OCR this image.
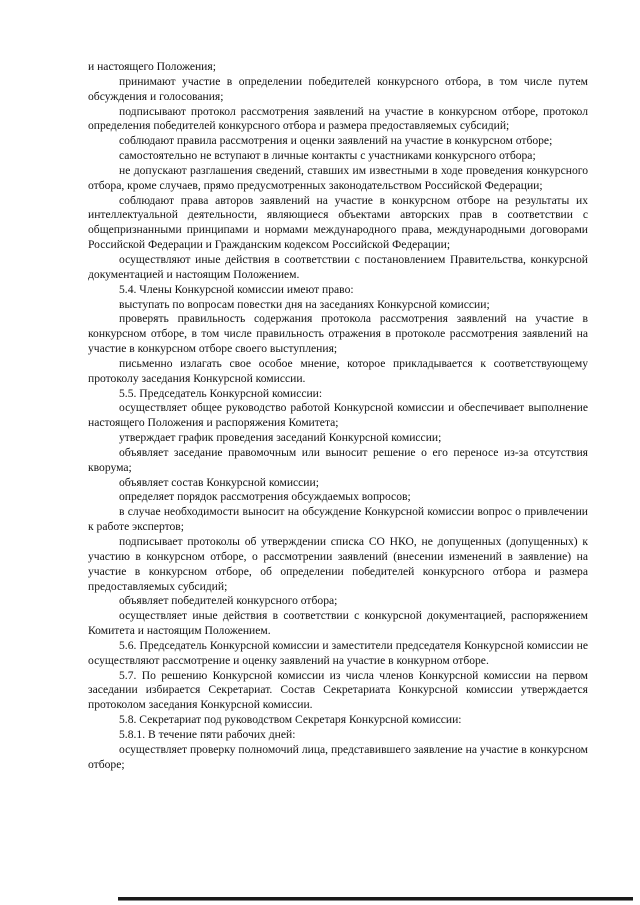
и настоящего Положения;

принимают участие в определении победителей конкурсного отбора, в том числе путем обсуждения и голосования;

подписывают протокол рассмотрения заявлений на участие в конкурсном отборе, протокол определения победителей конкурсного отбора и размера предоставляемых субсидий;

соблюдают правила рассмотрения и оценки заявлений на участие в конкурсном отборе;

самостоятельно не вступают в личные контакты с участниками конкурсного отбора;

не допускают разглашения сведений, ставших им известными в ходе проведения конкурсного отбора, кроме случаев, прямо предусмотренных законодательством Российской Федерации;

соблюдают права авторов заявлений на участие в конкурсном отборе на результаты их интеллектуальной деятельности, являющиеся объектами авторских прав в соответствии с общепризнанными принципами и нормами международного права, международными договорами Российской Федерации и Гражданским кодексом Российской Федерации;

осуществляют иные действия в соответствии с постановлением Правительства, конкурсной документацией и настоящим Положением.

5.4. Члены Конкурсной комиссии имеют право:

выступать по вопросам повестки дня на заседаниях Конкурсной комиссии;

проверять правильность содержания протокола рассмотрения заявлений на участие в конкурсном отборе, в том числе правильность отражения в протоколе рассмотрения заявлений на участие в конкурсном отборе своего выступления;

письменно излагать свое особое мнение, которое прикладывается к соответствующему протоколу заседания Конкурсной комиссии.

5.5. Председатель Конкурсной комиссии:

осуществляет общее руководство работой Конкурсной комиссии и обеспечивает выполнение настоящего Положения и распоряжения Комитета;

утверждает график проведения заседаний Конкурсной комиссии;

объявляет заседание правомочным или выносит решение о его переносе из-за отсутствия кворума;

объявляет состав Конкурсной комиссии;

определяет порядок рассмотрения обсуждаемых вопросов;

в случае необходимости выносит на обсуждение Конкурсной комиссии вопрос о привлечении к работе экспертов;

подписывает протоколы об утверждении списка СО НКО, не допущенных (допущенных) к участию в конкурсном отборе, о рассмотрении заявлений (внесении изменений в заявление) на участие в конкурсном отборе, об определении победителей конкурсного отбора и размера предоставляемых субсидий;

объявляет победителей конкурсного отбора;

осуществляет иные действия в соответствии с конкурсной документацией, распоряжением Комитета и настоящим Положением.

5.6. Председатель Конкурсной комиссии и заместители председателя Конкурсной комиссии не осуществляют рассмотрение и оценку заявлений на участие в конкурном отборе.

5.7. По решению Конкурсной комиссии из числа членов Конкурсной комиссии на первом заседании избирается Секретариат. Состав Секретариата Конкурсной комиссии утверждается протоколом заседания Конкурсной комиссии.

5.8. Секретариат под руководством Секретаря Конкурсной комиссии:

5.8.1. В течение пяти рабочих дней:

осуществляет проверку полномочий лица, представившего заявление на участие в конкурсном отборе;
